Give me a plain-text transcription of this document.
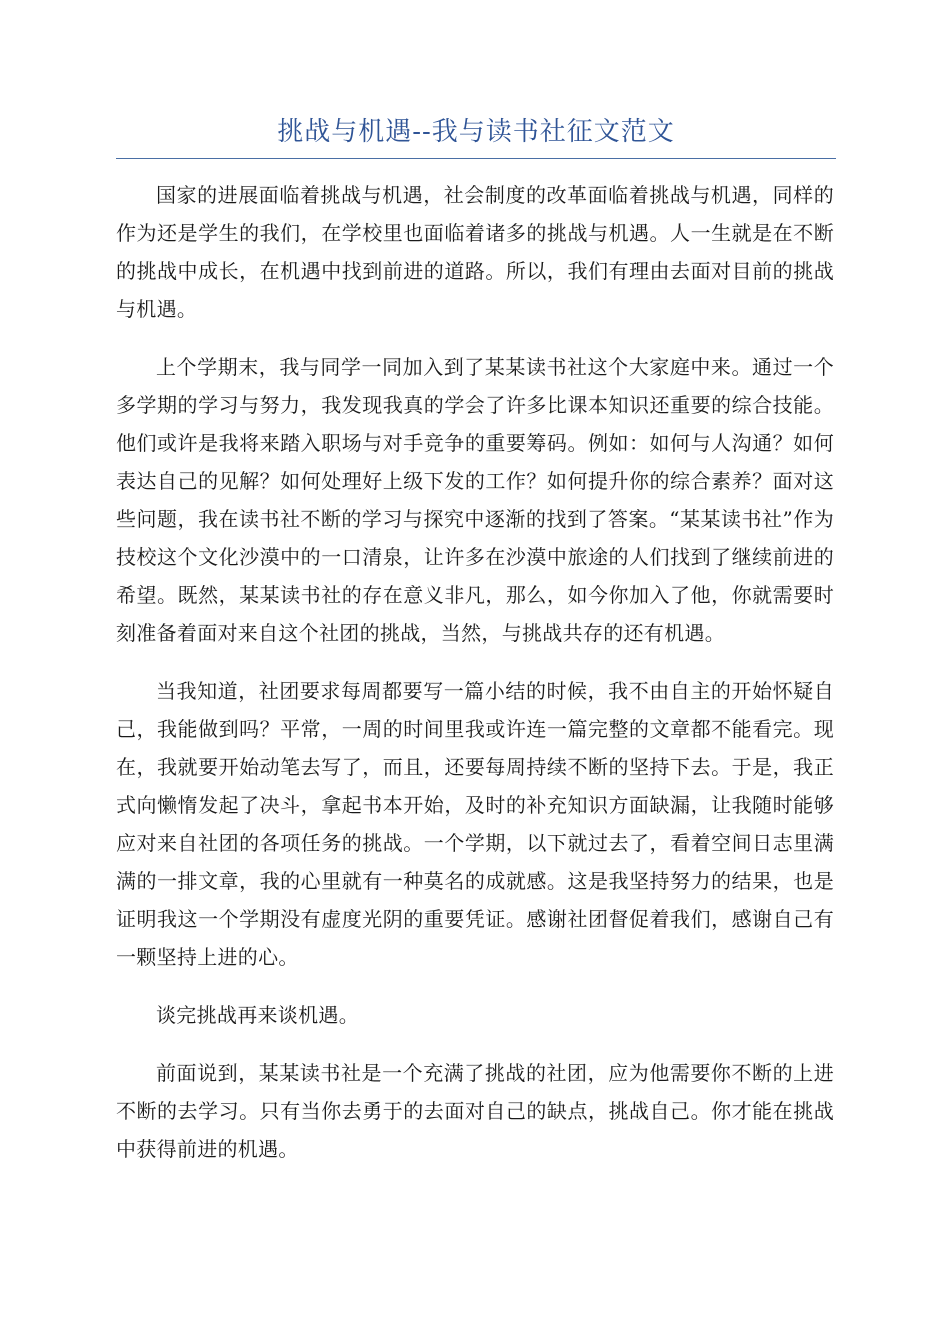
挑战与机遇--我与读书社征文范文

国家的进展面临着挑战与机遇，社会制度的改革面临着挑战与机遇，同样的作为还是学生的我们，在学校里也面临着诸多的挑战与机遇。人一生就是在不断的挑战中成长，在机遇中找到前进的道路。所以，我们有理由去面对目前的挑战与机遇。

上个学期末，我与同学一同加入到了某某读书社这个大家庭中来。通过一个多学期的学习与努力，我发现我真的学会了许多比课本知识还重要的综合技能。他们或许是我将来踏入职场与对手竞争的重要筹码。例如：如何与人沟通？如何表达自己的见解？如何处理好上级下发的工作？如何提升你的综合素养？面对这些问题，我在读书社不断的学习与探究中逐渐的找到了答案。“某某读书社”作为技校这个文化沙漠中的一口清泉，让许多在沙漠中旅途的人们找到了继续前进的希望。既然，某某读书社的存在意义非凡，那么，如今你加入了他，你就需要时刻准备着面对来自这个社团的挑战，当然，与挑战共存的还有机遇。

当我知道，社团要求每周都要写一篇小结的时候，我不由自主的开始怀疑自己，我能做到吗？平常，一周的时间里我或许连一篇完整的文章都不能看完。现在，我就要开始动笔去写了，而且，还要每周持续不断的坚持下去。于是，我正式向懒惰发起了决斗，拿起书本开始，及时的补充知识方面缺漏，让我随时能够应对来自社团的各项任务的挑战。一个学期，以下就过去了，看着空间日志里满满的一排文章，我的心里就有一种莫名的成就感。这是我坚持努力的结果，也是证明我这一个学期没有虚度光阴的重要凭证。感谢社团督促着我们，感谢自己有一颗坚持上进的心。

谈完挑战再来谈机遇。

前面说到，某某读书社是一个充满了挑战的社团，应为他需要你不断的上进不断的去学习。只有当你去勇于的去面对自己的缺点，挑战自己。你才能在挑战中获得前进的机遇。
